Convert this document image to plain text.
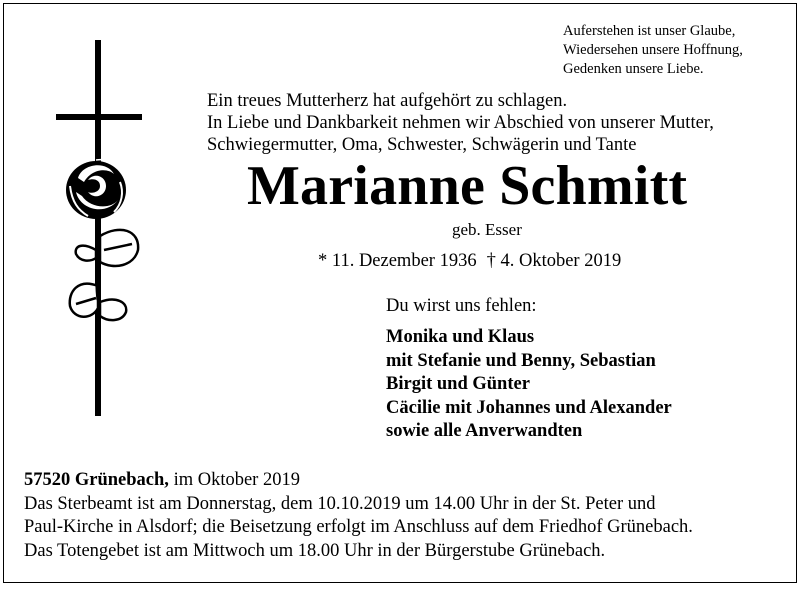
Auferstehen ist unser Glaube,
Wiedersehen unsere Hoffnung,
Gedenken unsere Liebe.
Ein treues Mutterherz hat aufgehört zu schlagen.
In Liebe und Dankbarkeit nehmen wir Abschied von unserer Mutter,
Schwiegermutter, Oma, Schwester, Schwägerin und Tante
Marianne Schmitt
geb. Esser
* 11. Dezember 1936 † 4. Oktober 2019
Du wirst uns fehlen:
Monika und Klaus
mit Stefanie und Benny, Sebastian
Birgit und Günter
Cäcilie mit Johannes und Alexander
sowie alle Anverwandten
57520 Grünebach, im Oktober 2019
Das Sterbeamt ist am Donnerstag, dem 10.10.2019 um 14.00 Uhr in der St. Peter und
Paul-Kirche in Alsdorf; die Beisetzung erfolgt im Anschluss auf dem Friedhof Grünebach.
Das Totengebet ist am Mittwoch um 18.00 Uhr in der Bürgerstube Grünebach.
